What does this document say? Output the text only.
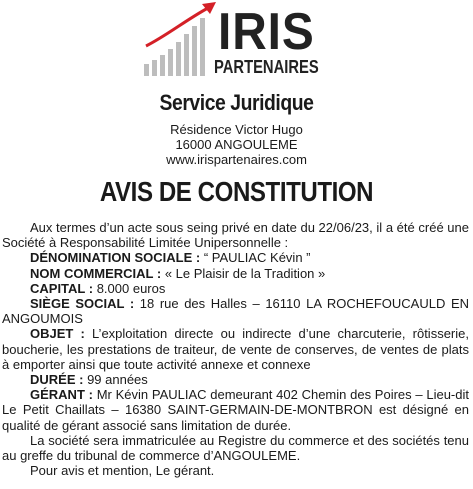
IRIS
PARTENAIRES
Service Juridique
Résidence Victor Hugo
16000 ANGOULEME
www.irispartenaires.com
AVIS DE CONSTITUTION

Aux termes d’un acte sous seing privé en date du 22/06/23, il a été créé une Société à Responsabilité Limitée Unipersonnelle :

DÉNOMINATION SOCIALE : “ PAULIAC Kévin ”

NOM COMMERCIAL : « Le Plaisir de la Tradition »

CAPITAL : 8.000 euros

SIÈGE SOCIAL : 18 rue des Halles – 16110 LA ROCHEFOUCAULD EN ANGOUMOIS

OBJET : L’exploitation directe ou indirecte d’une charcuterie, rôtisserie, boucherie, les prestations de traiteur, de vente de conserves, de ventes de plats à emporter ainsi que toute activité annexe et connexe

DURÉE : 99 années

GÉRANT : Mr Kévin PAULIAC demeurant 402 Chemin des Poires – Lieu-dit Le Petit Chaillats – 16380 SAINT-GERMAIN-DE-MONTBRON est désigné en qualité de gérant associé sans limitation de durée.

La société sera immatriculée au Registre du commerce et des sociétés tenu au greffe du tribunal de commerce d’ANGOULEME.

Pour avis et mention, Le gérant.
